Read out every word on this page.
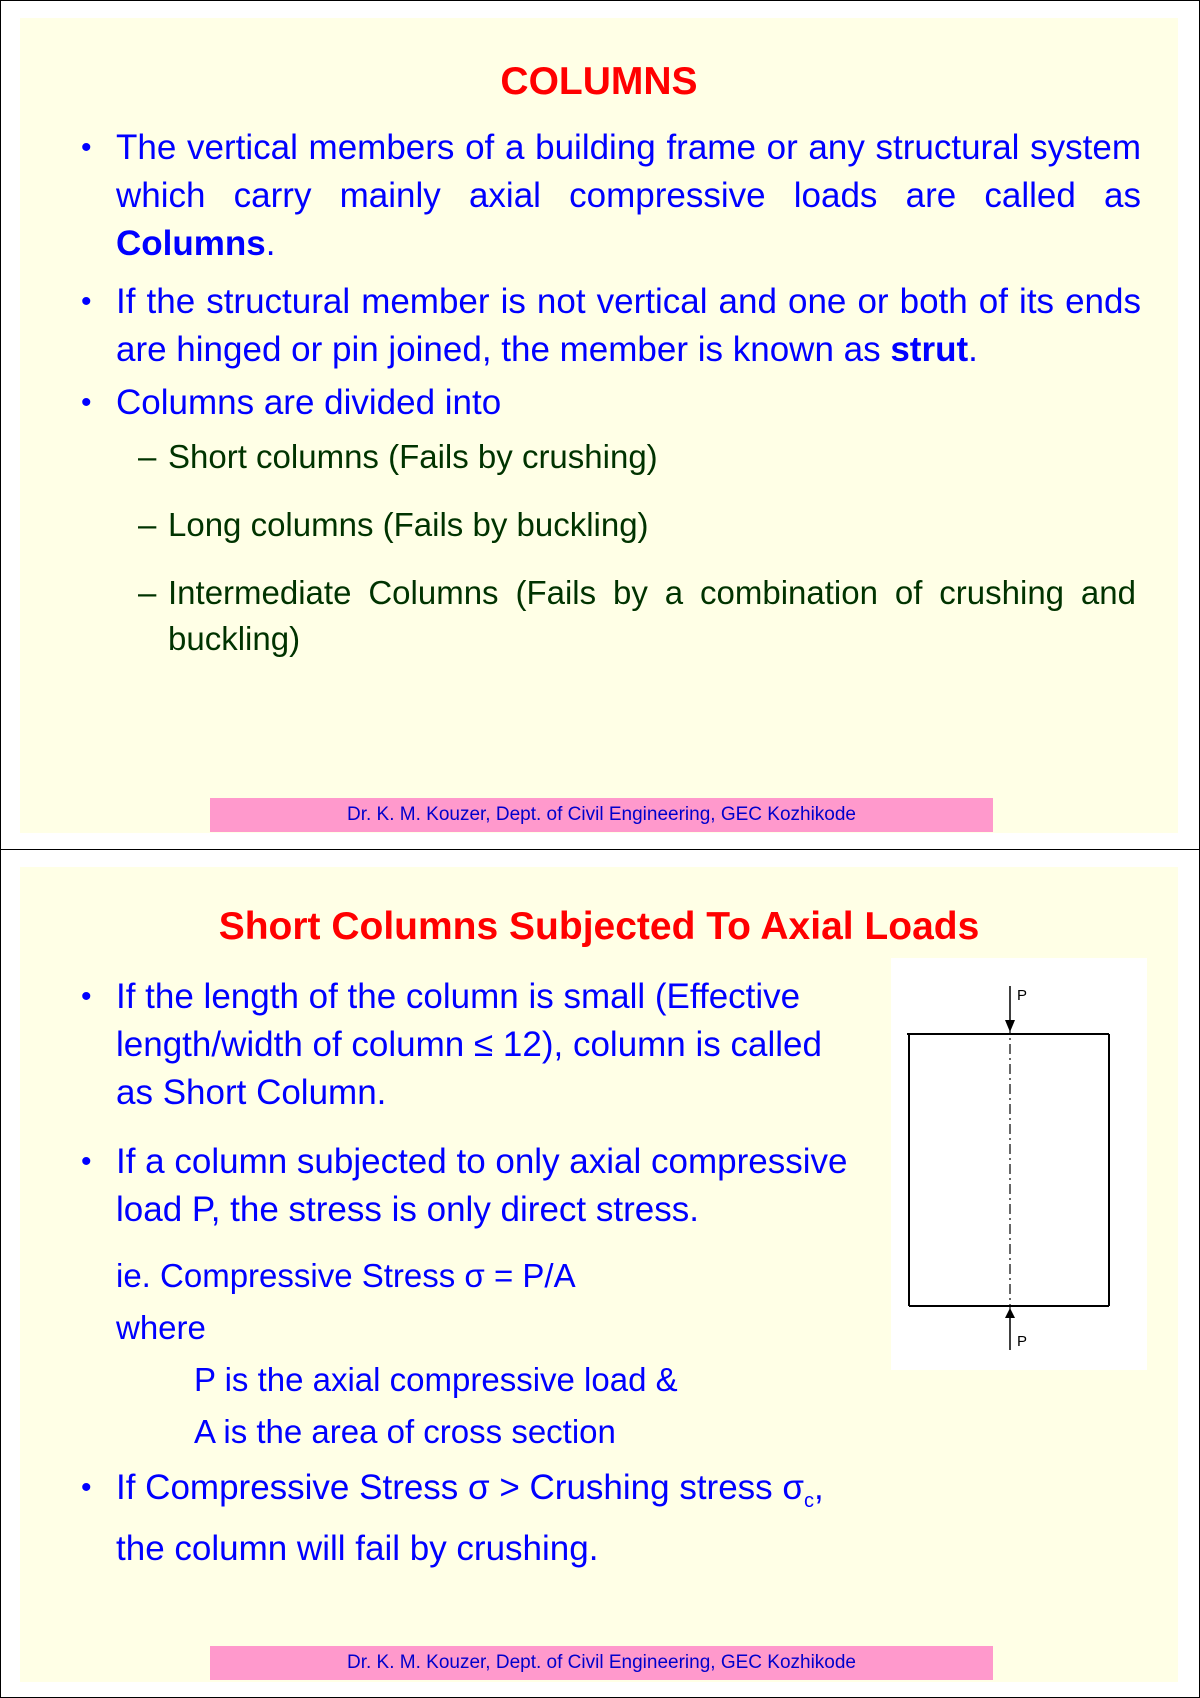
COLUMNS
• The vertical members of a building frame or any structural system which carry mainly axial compressive loads are called as Columns.
• If the structural member is not vertical and one or both of its ends are hinged or pin joined, the member is known as strut.
• Columns are divided into
– Short columns (Fails by crushing)
– Long columns (Fails by buckling)
– Intermediate Columns (Fails by a combination of crushing and buckling)
Dr. K. M. Kouzer, Dept. of Civil Engineering, GEC Kozhikode
Short Columns Subjected To Axial Loads
• If the length of the column is small (Effective length/width of column ≤ 12), column is called as Short Column.
• If a column subjected to only axial compressive load P, the stress is only direct stress.
ie. Compressive Stress σ = P/A
where
P is the axial compressive load &
A is the area of cross section
• If Compressive Stress σ > Crushing stress $\sigma_c$,
the column will fail by crushing.
P
P
Dr. K. M. Kouzer, Dept. of Civil Engineering, GEC Kozhikode
